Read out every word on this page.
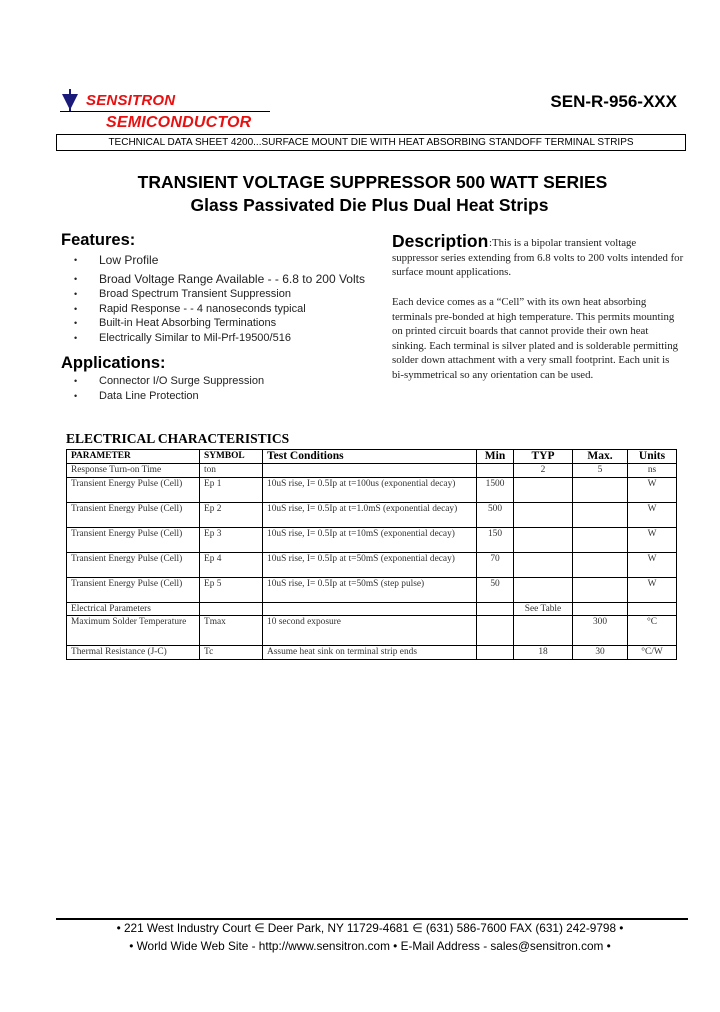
SENSITRON
SEMICONDUCTOR
SEN-R-956-XXX
TECHNICAL DATA SHEET 4200...SURFACE MOUNT DIE WITH HEAT ABSORBING STANDOFF TERMINAL STRIPS
TRANSIENT VOLTAGE SUPPRESSOR 500 WATT SERIES
Glass Passivated Die Plus Dual Heat Strips
Features:
• Low Profile
• Broad Voltage Range Available - - 6.8 to 200 Volts
• Broad Spectrum Transient Suppression
• Rapid Response - - 4 nanoseconds typical
• Built-in Heat Absorbing Terminations
• Electrically Similar to Mil-Prf-19500/516
Applications:
• Connector I/O Surge Suppression
• Data Line Protection
Description :This is a bipolar transient voltage suppressor series extending from 6.8 volts to 200 volts intended for surface mount applications.

Each device comes as a “Cell” with its own heat absorbing terminals pre-bonded at high temperature. This permits mounting on printed circuit boards that cannot provide their own heat sinking. Each terminal is silver plated and is solderable permitting solder down attachment with a very small footprint. Each unit is bi-symmetrical so any orientation can be used.

ELECTRICAL CHARACTERISTICS
PARAMETER	SYMBOL	Test Conditions	Min	TYP	Max.	Units
Response Turn-on Time	ton			2	5	ns
Transient Energy Pulse (Cell)	Ep 1	10uS rise, I= 0.5Ip at t=100us (exponential decay)	1500			W
Transient Energy Pulse (Cell)	Ep 2	10uS rise, I= 0.5Ip at t=1.0mS (exponential decay)	500			W
Transient Energy Pulse (Cell)	Ep 3	10uS rise, I= 0.5Ip at t=10mS (exponential decay)	150			W
Transient Energy Pulse (Cell)	Ep 4	10uS rise, I= 0.5Ip at t=50mS (exponential decay)	70			W
Transient Energy Pulse (Cell)	Ep 5	10uS rise, I= 0.5Ip at t=50mS (step pulse)	50			W
Electrical Parameters				See Table		
Maximum Solder Temperature	Tmax	10 second exposure			300	°C
Thermal Resistance (J-C)	Tc	Assume heat sink on terminal strip ends		18	30	°C/W
• 221 West Industry Court ∈ Deer Park, NY 11729-4681 ∈ (631) 586-7600 FAX (631) 242-9798 •
• World Wide Web Site - http://www.sensitron.com • E-Mail Address - sales@sensitron.com •
